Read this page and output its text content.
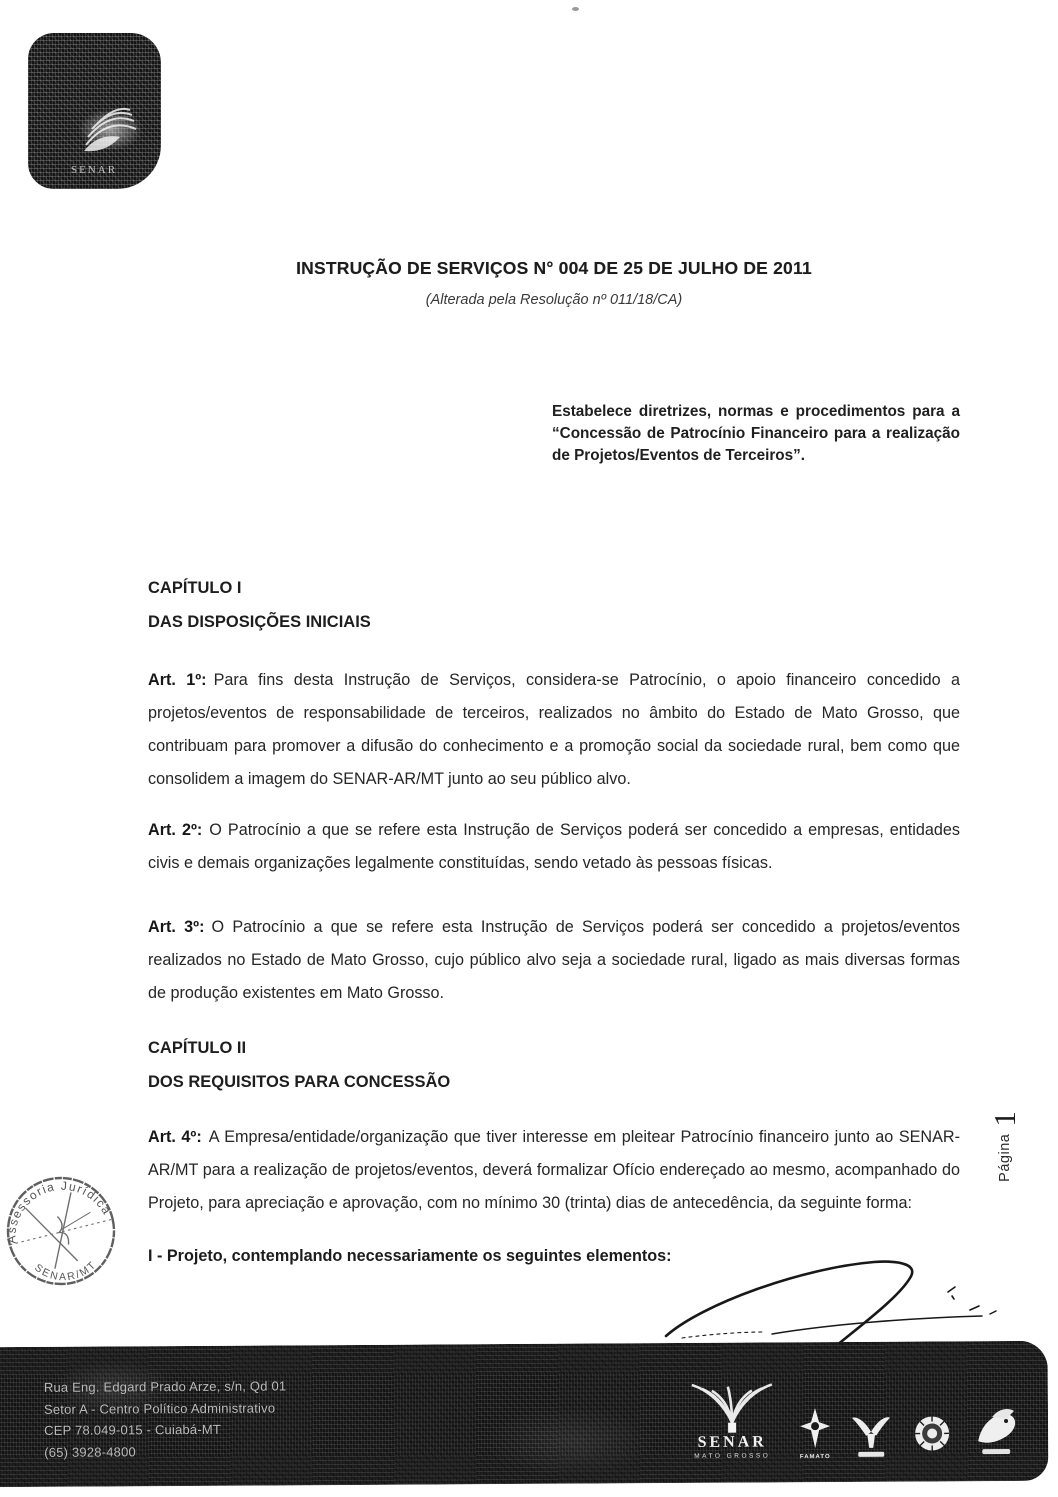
SENAR
INSTRUÇÃO DE SERVIÇOS N° 004 DE 25 DE JULHO DE 2011
(Alterada pela Resolução nº 011/18/CA)

Estabelece diretrizes, normas e procedimentos para a “Concessão de Patrocínio Financeiro para a realização de Projetos/Eventos de Terceiros”.

CAPÍTULO I
DAS DISPOSIÇÕES INICIAIS

Art. 1º: Para fins desta Instrução de Serviços, considera-se Patrocínio, o apoio financeiro concedido a projetos/eventos de responsabilidade de terceiros, realizados no âmbito do Estado de Mato Grosso, que contribuam para promover a difusão do conhecimento e a promoção social da sociedade rural, bem como que consolidem a imagem do SENAR-AR/MT junto ao seu público alvo.

Art. 2º: O Patrocínio a que se refere esta Instrução de Serviços poderá ser concedido a empresas, entidades civis e demais organizações legalmente constituídas, sendo vetado às pessoas físicas.

Art. 3º: O Patrocínio a que se refere esta Instrução de Serviços poderá ser concedido a projetos/eventos realizados no Estado de Mato Grosso, cujo público alvo seja a sociedade rural, ligado as mais diversas formas de produção existentes em Mato Grosso.

CAPÍTULO II
DOS REQUISITOS PARA CONCESSÃO

Art. 4º: A Empresa/entidade/organização que tiver interesse em pleitear Patrocínio financeiro junto ao SENAR-AR/MT para a realização de projetos/eventos, deverá formalizar Ofício endereçado ao mesmo, acompanhado do Projeto, para apreciação e aprovação, com no mínimo 30 (trinta) dias de antecedência, da seguinte forma:

I - Projeto, contemplando necessariamente os seguintes elementos:

Assessoria Jurídica
SENAR/MT
Página
1
Rua Eng. Edgard Prado Arze, s/n, Qd 01
Setor A - Centro Político Administrativo
CEP 78.049-015 - Cuiabá-MT
(65) 3928-4800
SENAR
MATO GROSSO	FAMATO
